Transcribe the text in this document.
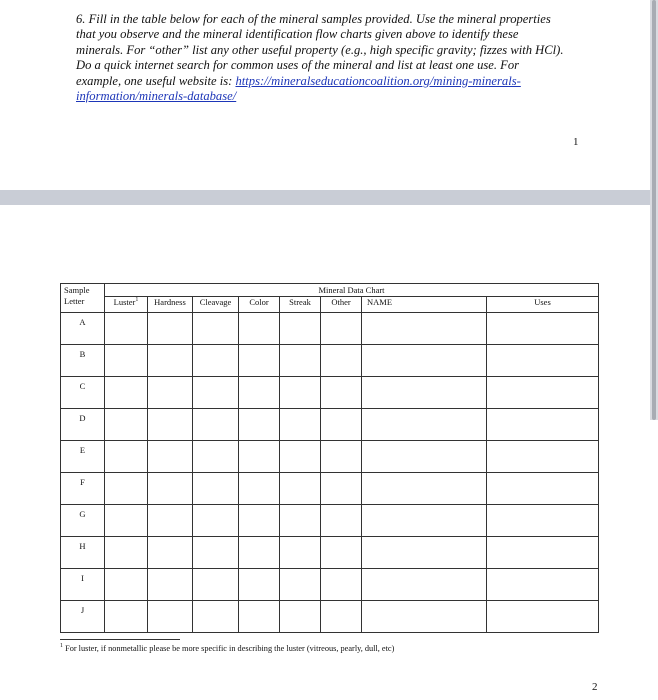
6. Fill in the table below for each of the mineral samples provided. Use the mineral properties
that you observe and the mineral identification flow charts given above to identify these
minerals. For “other” list any other useful property (e.g., high specific gravity; fizzes with HCl).
Do a quick internet search for common uses of the mineral and list at least one use. For
example, one useful website is: https://mineralseducationcoalition.org/mining-minerals-
information/minerals-database/
1
Sample
Letter	Mineral Data Chart							
	Luster$^1$	Hardness	Cleavage	Color	Streak	Other	NAME	Uses
A								
B								
C								
D								
E								
F								
G								
H								
I								
J								
$^1$ For luster, if nonmetallic please be more specific in describing the luster (vitreous, pearly, dull, etc)
2
